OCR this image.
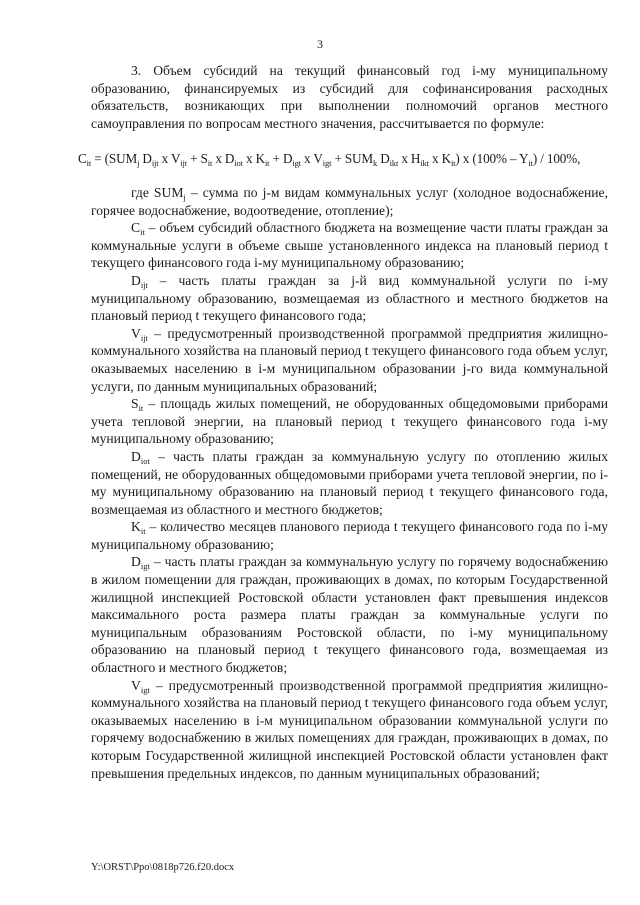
3

3. Объем субсидий на текущий финансовый год i-му муниципальному образованию, финансируемых из субсидий для софинансирования расходных обязательств, возникающих при выполнении полномочий органов местного самоуправления по вопросам местного значения, рассчитывается по формуле:

$C_{it} = (SUM_j$ $D_{ijt}$ x $V_{ijt} + S_{it}$ x $D_{iot}$ x $K_{it} + D_{igt}$ x $V_{igt} + SUM_k$ $D_{ikt}$ x $H_{ikt}$ x $K_{it}$) x $(100\% - Y_{it}) / 100\%$,

где $SUM_j$ – сумма по j-м видам коммунальных услуг (холодное водоснабжение, горячее водоснабжение, водоотведение, отопление);

$C_{it}$ – объем субсидий областного бюджета на возмещение части платы граждан за коммунальные услуги в объеме свыше установленного индекса на плановый период t текущего финансового года i-му муниципальному образованию;

$D_{ijt}$ – часть платы граждан за j-й вид коммунальной услуги по i-му муниципальному образованию, возмещаемая из областного и местного бюджетов на плановый период t текущего финансового года;

$V_{ijt}$ – предусмотренный производственной программой предприятия жилищно-коммунального хозяйства на плановый период t текущего финансового года объем услуг, оказываемых населению в i-м муниципальном образовании j-го вида коммунальной услуги, по данным муниципальных образований;

$S_{it}$ – площадь жилых помещений, не оборудованных общедомовыми приборами учета тепловой энергии, на плановый период t текущего финансового года i-му муниципальному образованию;

$D_{iot}$ – часть платы граждан за коммунальную услугу по отоплению жилых помещений, не оборудованных общедомовыми приборами учета тепловой энергии, по i-му муниципальному образованию на плановый период t текущего финансового года, возмещаемая из областного и местного бюджетов;

$K_{it}$ – количество месяцев планового периода t текущего финансового года по i-му муниципальному образованию;

$D_{igt}$ – часть платы граждан за коммунальную услугу по горячему водоснабжению в жилом помещении для граждан, проживающих в домах, по которым Государственной жилищной инспекцией Ростовской области установлен факт превышения индексов максимального роста размера платы граждан за коммунальные услуги по муниципальным образованиям Ростовской области, по i-му муниципальному образованию на плановый период t текущего финансового года, возмещаемая из областного и местного бюджетов;

$V_{igt}$ – предусмотренный производственной программой предприятия жилищно-коммунального хозяйства на плановый период t текущего финансового года объем услуг, оказываемых населению в i-м муниципальном образовании коммунальной услуги по горячему водоснабжению в жилых помещениях для граждан, проживающих в домах, по которым Государственной жилищной инспекцией Ростовской области установлен факт превышения предельных индексов, по данным муниципальных образований;

Y:\ORST\Ppo\0818p726.f20.docx
